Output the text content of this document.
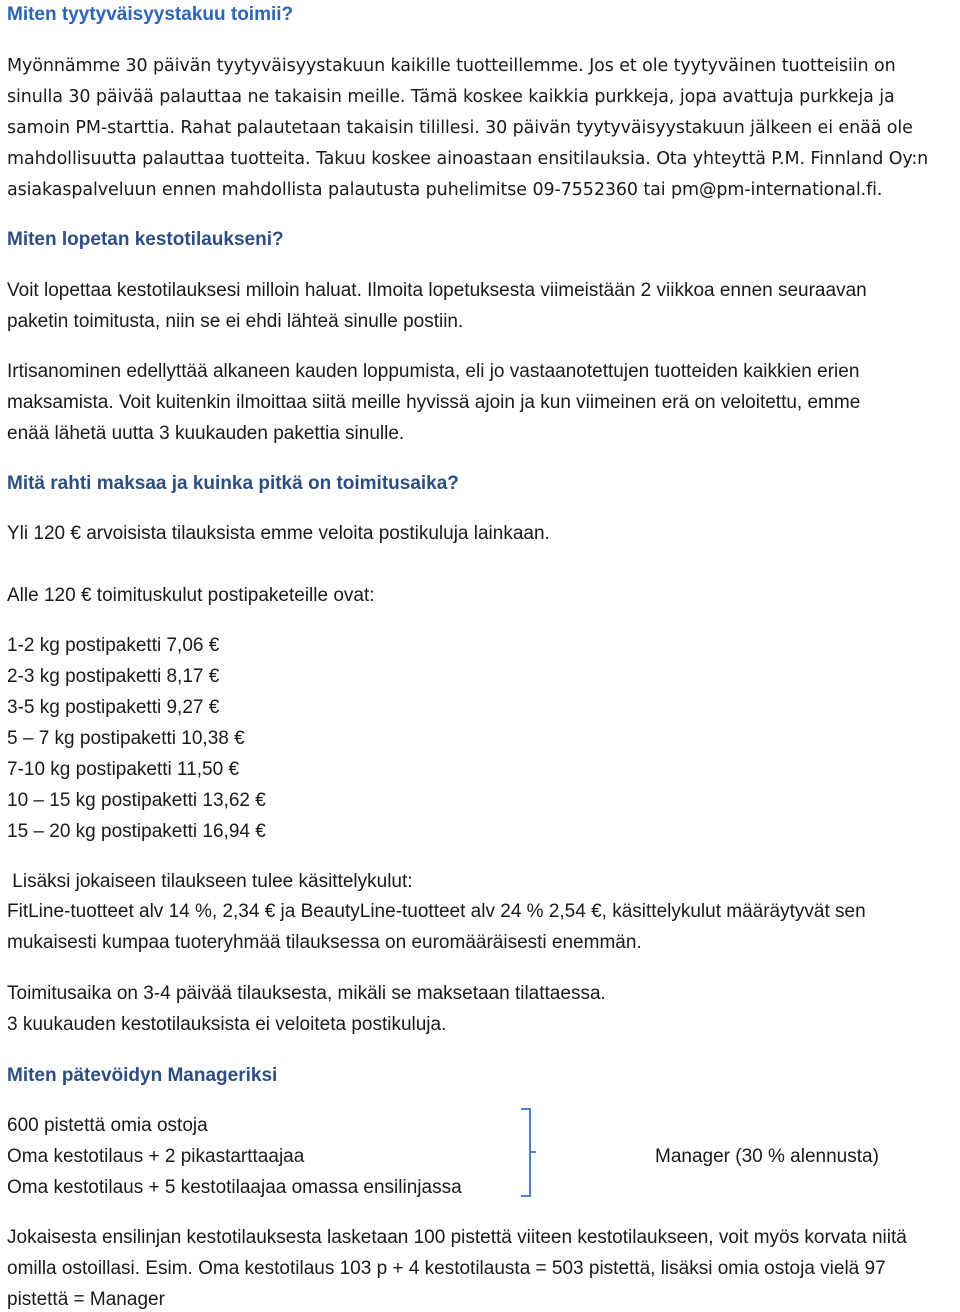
Miten tyytyväisyystakuu toimii?
Myönnämme 30 päivän tyytyväisyystakuun kaikille tuotteillemme. Jos et ole tyytyväinen tuotteisiin on
sinulla 30 päivää palauttaa ne takaisin meille. Tämä koskee kaikkia purkkeja, jopa avattuja purkkeja ja
samoin PM-starttia. Rahat palautetaan takaisin tilillesi. 30 päivän tyytyväisyystakuun jälkeen ei enää ole
mahdollisuutta palauttaa tuotteita. Takuu koskee ainoastaan ensitilauksia. Ota yhteyttä P.M. Finnland Oy:n
asiakaspalveluun ennen mahdollista palautusta puhelimitse 09-7552360 tai pm@pm-international.fi.
Miten lopetan kestotilaukseni?
Voit lopettaa kestotilauksesi milloin haluat. Ilmoita lopetuksesta viimeistään 2 viikkoa ennen seuraavan
paketin toimitusta, niin se ei ehdi lähteä sinulle postiin.
Irtisanominen edellyttää alkaneen kauden loppumista, eli jo vastaanotettujen tuotteiden kaikkien erien
maksamista. Voit kuitenkin ilmoittaa siitä meille hyvissä ajoin ja kun viimeinen erä on veloitettu, emme
enää lähetä uutta 3 kuukauden pakettia sinulle.
Mitä rahti maksaa ja kuinka pitkä on toimitusaika?
Yli 120 € arvoisista tilauksista emme veloita postikuluja lainkaan.
Alle 120 € toimituskulut postipaketeille ovat:
1-2 kg postipaketti 7,06 €
2-3 kg postipaketti 8,17 €
3-5 kg postipaketti 9,27 €
5 – 7 kg postipaketti 10,38 €
7-10 kg postipaketti 11,50 €
10 – 15 kg postipaketti 13,62 €
15 – 20 kg postipaketti 16,94 €
Lisäksi jokaiseen tilaukseen tulee käsittelykulut:
FitLine-tuotteet alv 14 %, 2,34 € ja BeautyLine-tuotteet alv 24 % 2,54 €, käsittelykulut määräytyvät sen
mukaisesti kumpaa tuoteryhmää tilauksessa on euromääräisesti enemmän.
Toimitusaika on 3-4 päivää tilauksesta, mikäli se maksetaan tilattaessa.
3 kuukauden kestotilauksista ei veloiteta postikuluja.
Miten pätevöidyn Manageriksi
600 pistettä omia ostoja
Oma kestotilaus + 2 pikastarttaajaa
Oma kestotilaus + 5 kestotilaajaa omassa ensilinjassa
Manager (30 % alennusta)
Jokaisesta ensilinjan kestotilauksesta lasketaan 100 pistettä viiteen kestotilaukseen, voit myös korvata niitä
omilla ostoillasi. Esim. Oma kestotilaus 103 p + 4 kestotilausta = 503 pistettä, lisäksi omia ostoja vielä 97
pistettä = Manager
